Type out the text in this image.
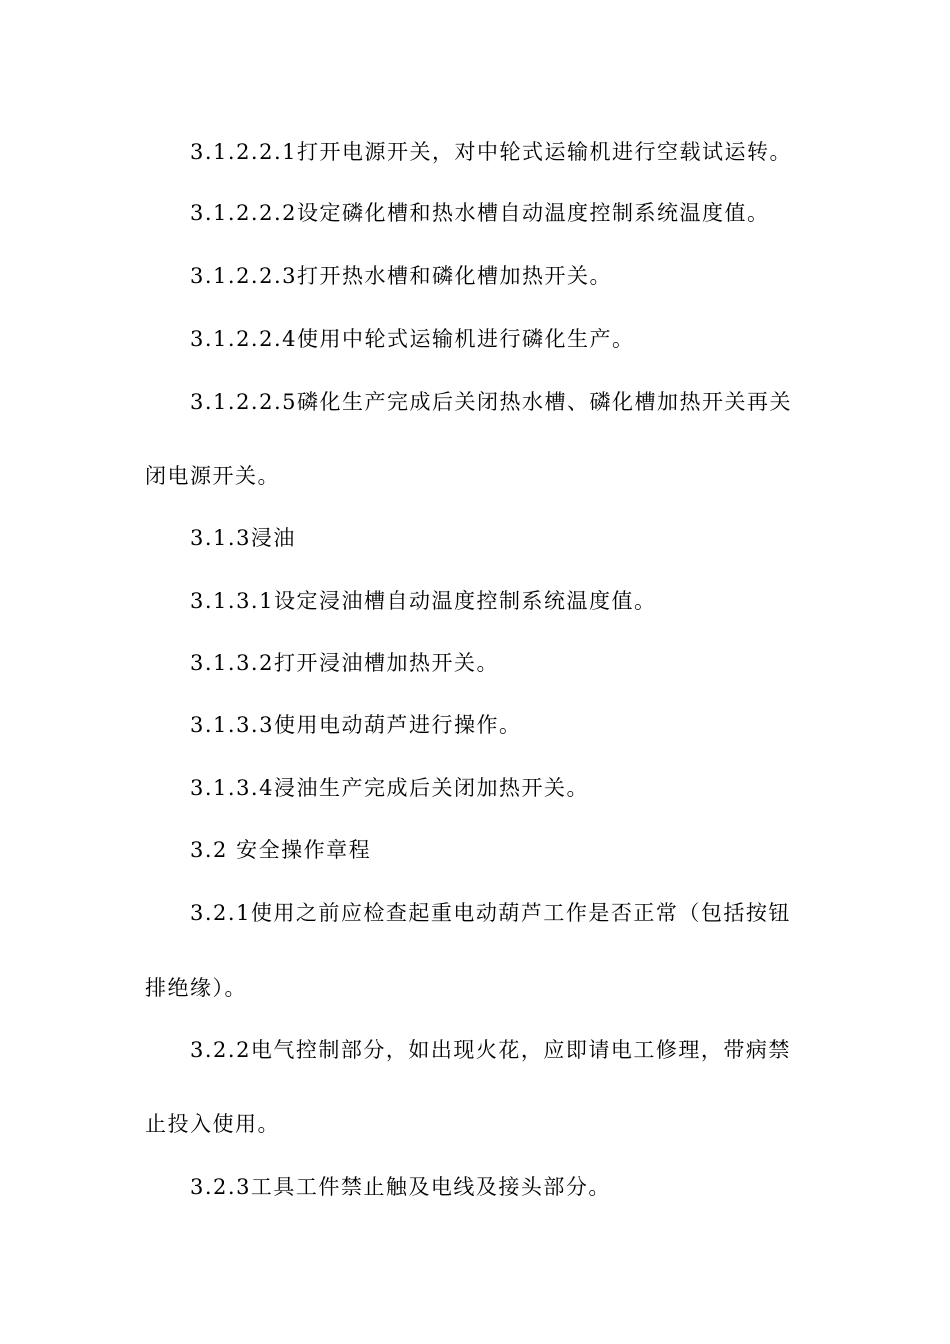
3.1.2.2.1打开电源开关，对中轮式运输机进行空载试运转。
3.1.2.2.2设定磷化槽和热水槽自动温度控制系统温度值。
3.1.2.2.3打开热水槽和磷化槽加热开关。
3.1.2.2.4使用中轮式运输机进行磷化生产。
3.1.2.2.5磷化生产完成后关闭热水槽、磷化槽加热开关再关
闭电源开关。
3.1.3浸油
3.1.3.1设定浸油槽自动温度控制系统温度值。
3.1.3.2打开浸油槽加热开关。
3.1.3.3使用电动葫芦进行操作。
3.1.3.4浸油生产完成后关闭加热开关。
3.2 安全操作章程
3.2.1使用之前应检查起重电动葫芦工作是否正常（包括按钮
排绝缘）。
3.2.2电气控制部分，如出现火花，应即请电工修理，带病禁
止投入使用。
3.2.3工具工件禁止触及电线及接头部分。
